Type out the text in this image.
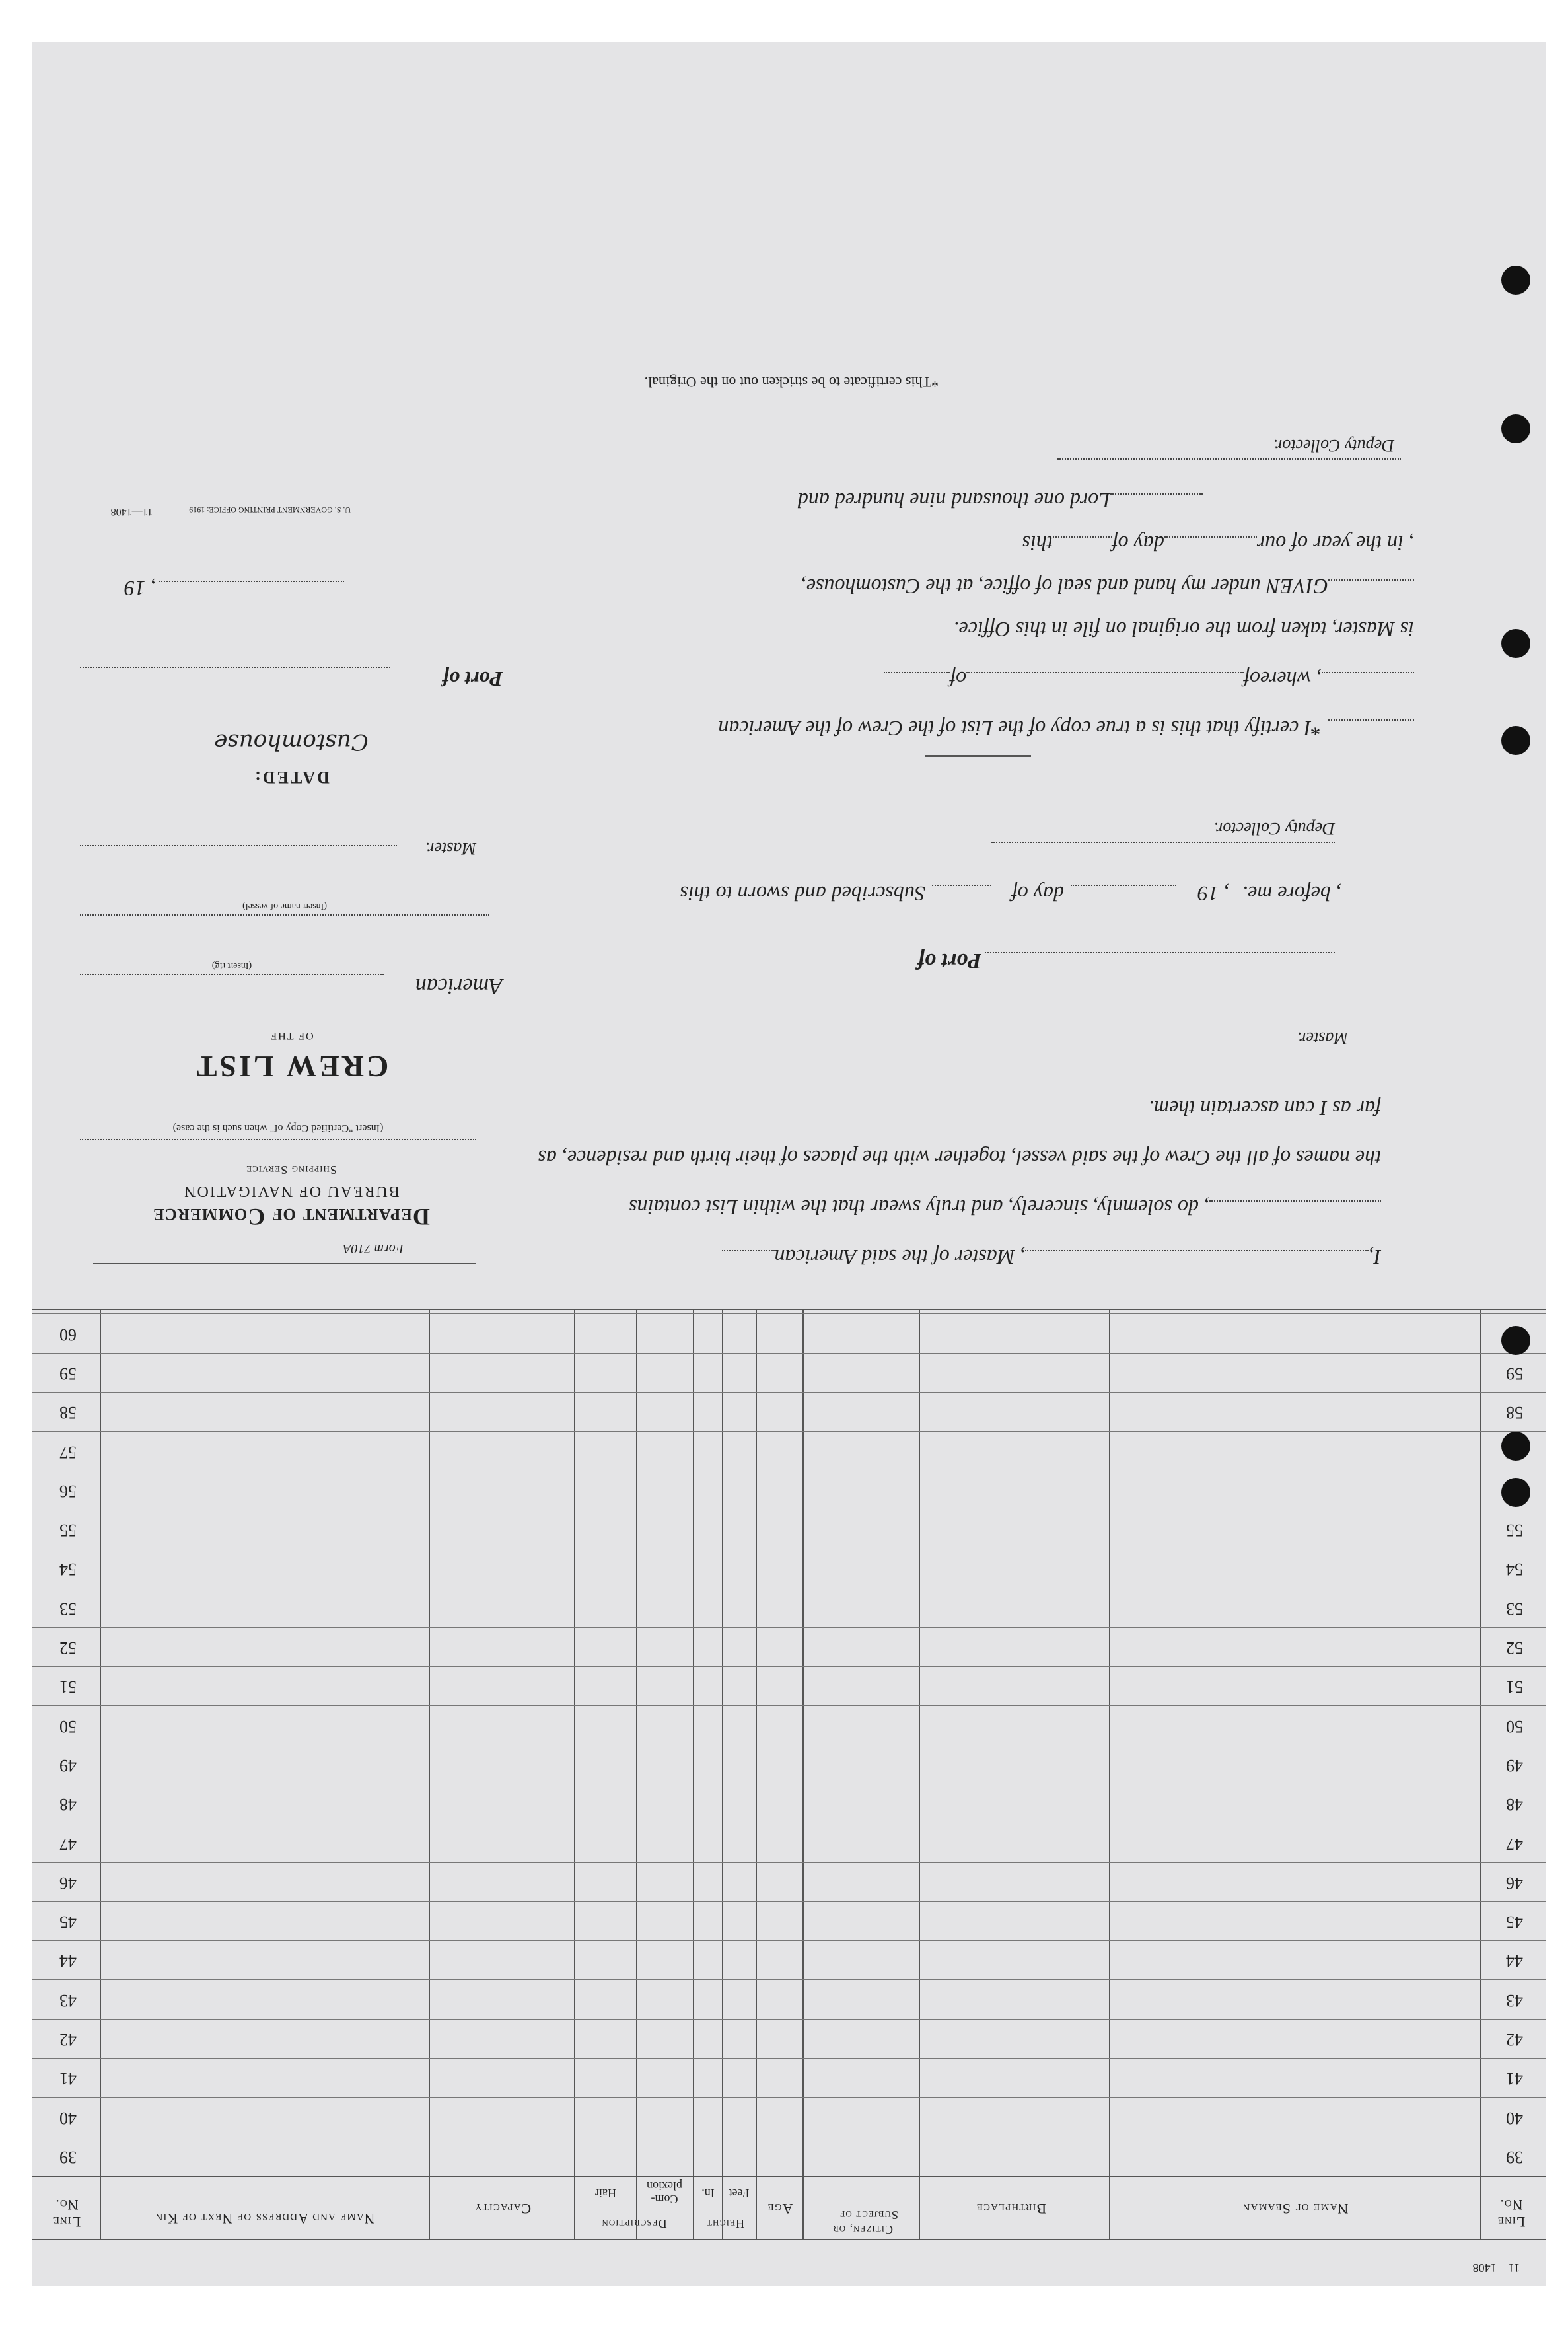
11—1408
Line No.
Name of Seaman
Birthplace
Citizen, or Subject of—
Age
Height
Feet
In.
Description
Com- plexion
Hair
Capacity
Name and Address of Next of Kin
Line No.
39
39
40
40
41
41
42
42
43
43
44
44
45
45
46
46
47
47
48
48
49
49
50
50
51
51
52
52
53
53
54
54
55
55
56
57
58
58
59
59
60
Form 710A
Department of Commerce
BUREAU OF NAVIGATION
Shipping Service
(Insert "Certified Copy of" when such is the case)
CREW LIST
OF THE
American
(Insert rig)
(Insert name of vessel)
Master.
DATED:
Customhouse
Port of
, 19
U. S. GOVERNMENT PRINTING OFFICE: 1919
11—1408
I,, Master of the said American
, do solemnly, sincerely, and truly swear that the within List contains
the names of all the Crew of the said vessel, together with the places of their birth and residence, as
far as I can ascertain them.
Master.
Port of
, before me.
, 19
day of
Subscribed and sworn to this
Deputy Collector.
*I certify that this is a true copy of the List of the Crew of the American
, whereofof
is Master, taken from the original on file in this Office.
GIVEN under my hand and seal of office, at the Customhouse,
, in the year of ourday ofthis
Lord one thousand nine hundred and
Deputy Collector.
*This certificate to be stricken out on the Original.
